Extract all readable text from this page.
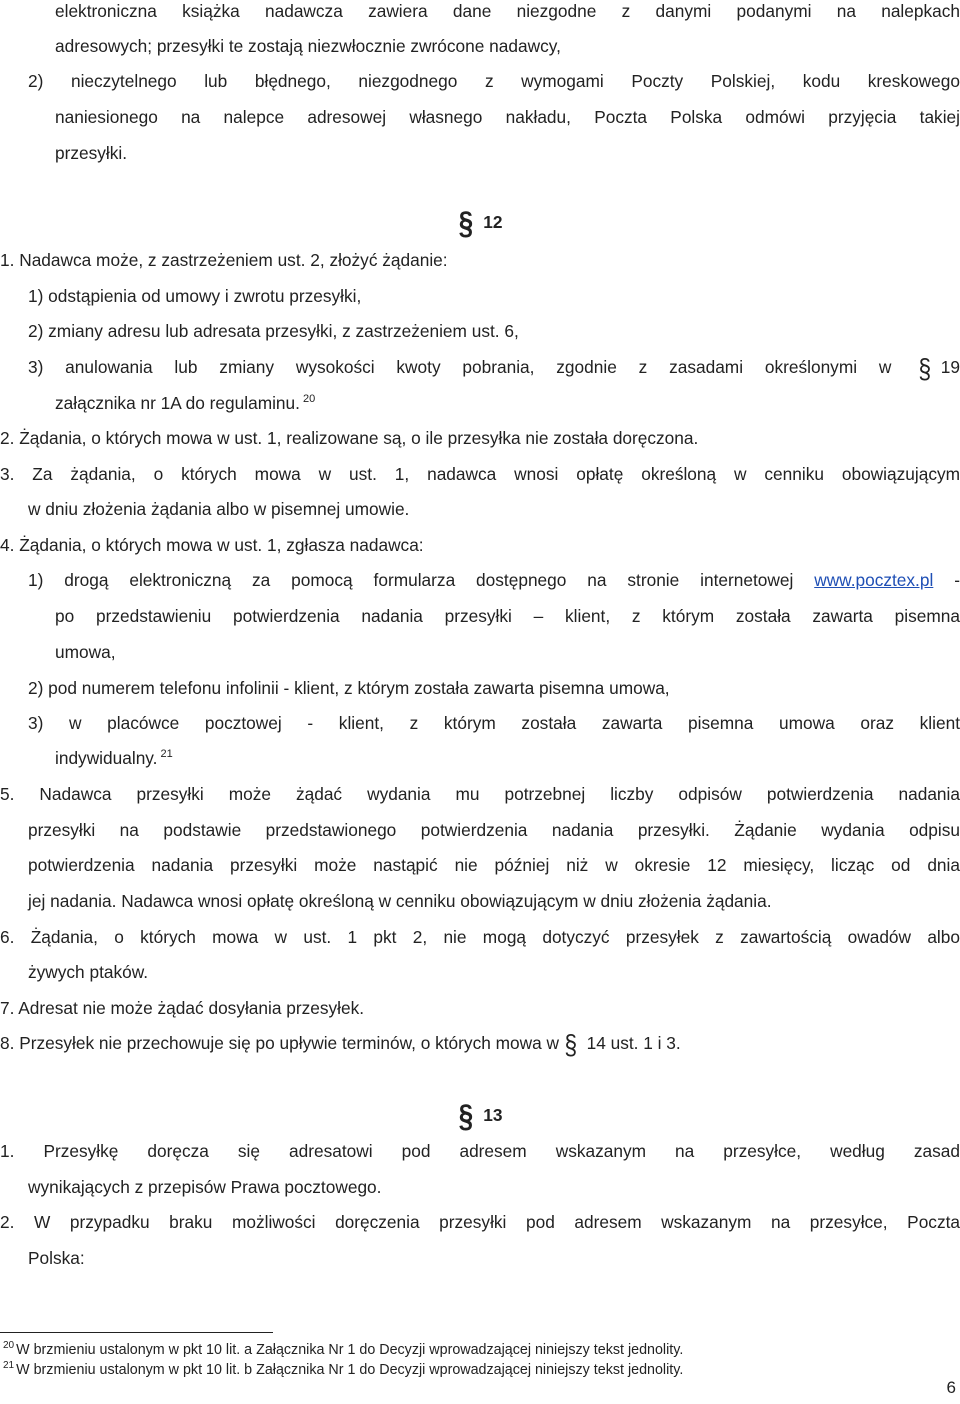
elektroniczna książka nadawcza zawiera dane niezgodne z danymi podanymi na nalepkach
adresowych; przesyłki te zostają niezwłocznie zwrócone nadawcy,
2) nieczytelnego lub błędnego, niezgodnego z wymogami Poczty Polskiej, kodu kreskowego
naniesionego na nalepce adresowej własnego nakładu, Poczta Polska odmówi przyjęcia takiej
przesyłki.
§ 12
1. Nadawca może, z zastrzeżeniem ust. 2, złożyć żądanie:
1) odstąpienia od umowy i zwrotu przesyłki,
2) zmiany adresu lub adresata przesyłki, z zastrzeżeniem ust. 6,
3) anulowania lub zmiany wysokości kwoty pobrania, zgodnie z zasadami określonymi w § 19
załącznika nr 1A do regulaminu. $^{20}$
2. Żądania, o których mowa w ust. 1, realizowane są, o ile przesyłka nie została doręczona.
3. Za żądania, o których mowa w ust. 1, nadawca wnosi opłatę określoną w cenniku obowiązującym
w dniu złożenia żądania albo w pisemnej umowie.
4. Żądania, o których mowa w ust. 1, zgłasza nadawca:
1) drogą elektroniczną za pomocą formularza dostępnego na stronie internetowej www.pocztex.pl -
po przedstawieniu potwierdzenia nadania przesyłki – klient, z którym została zawarta pisemna
umowa,
2) pod numerem telefonu infolinii - klient, z którym została zawarta pisemna umowa,
3) w placówce pocztowej - klient, z którym została zawarta pisemna umowa oraz klient
indywidualny. $^{21}$
5. Nadawca przesyłki może żądać wydania mu potrzebnej liczby odpisów potwierdzenia nadania
przesyłki na podstawie przedstawionego potwierdzenia nadania przesyłki. Żądanie wydania odpisu
potwierdzenia nadania przesyłki może nastąpić nie później niż w okresie 12 miesięcy, licząc od dnia
jej nadania. Nadawca wnosi opłatę określoną w cenniku obowiązującym w dniu złożenia żądania.
6. Żądania, o których mowa w ust. 1 pkt 2, nie mogą dotyczyć przesyłek z zawartością owadów albo
żywych ptaków.
7. Adresat nie może żądać dosyłania przesyłek.
8. Przesyłek nie przechowuje się po upływie terminów, o których mowa w § 14 ust. 1 i 3.
§ 13
1. Przesyłkę doręcza się adresatowi pod adresem wskazanym na przesyłce, według zasad
wynikających z przepisów Prawa pocztowego.
2. W przypadku braku możliwości doręczenia przesyłki pod adresem wskazanym na przesyłce, Poczta
Polska:
$^{20}$ W brzmieniu ustalonym w pkt 10 lit. a Załącznika Nr 1 do Decyzji wprowadzającej niniejszy tekst jednolity.
$^{21}$ W brzmieniu ustalonym w pkt 10 lit. b Załącznika Nr 1 do Decyzji wprowadzającej niniejszy tekst jednolity.
6
